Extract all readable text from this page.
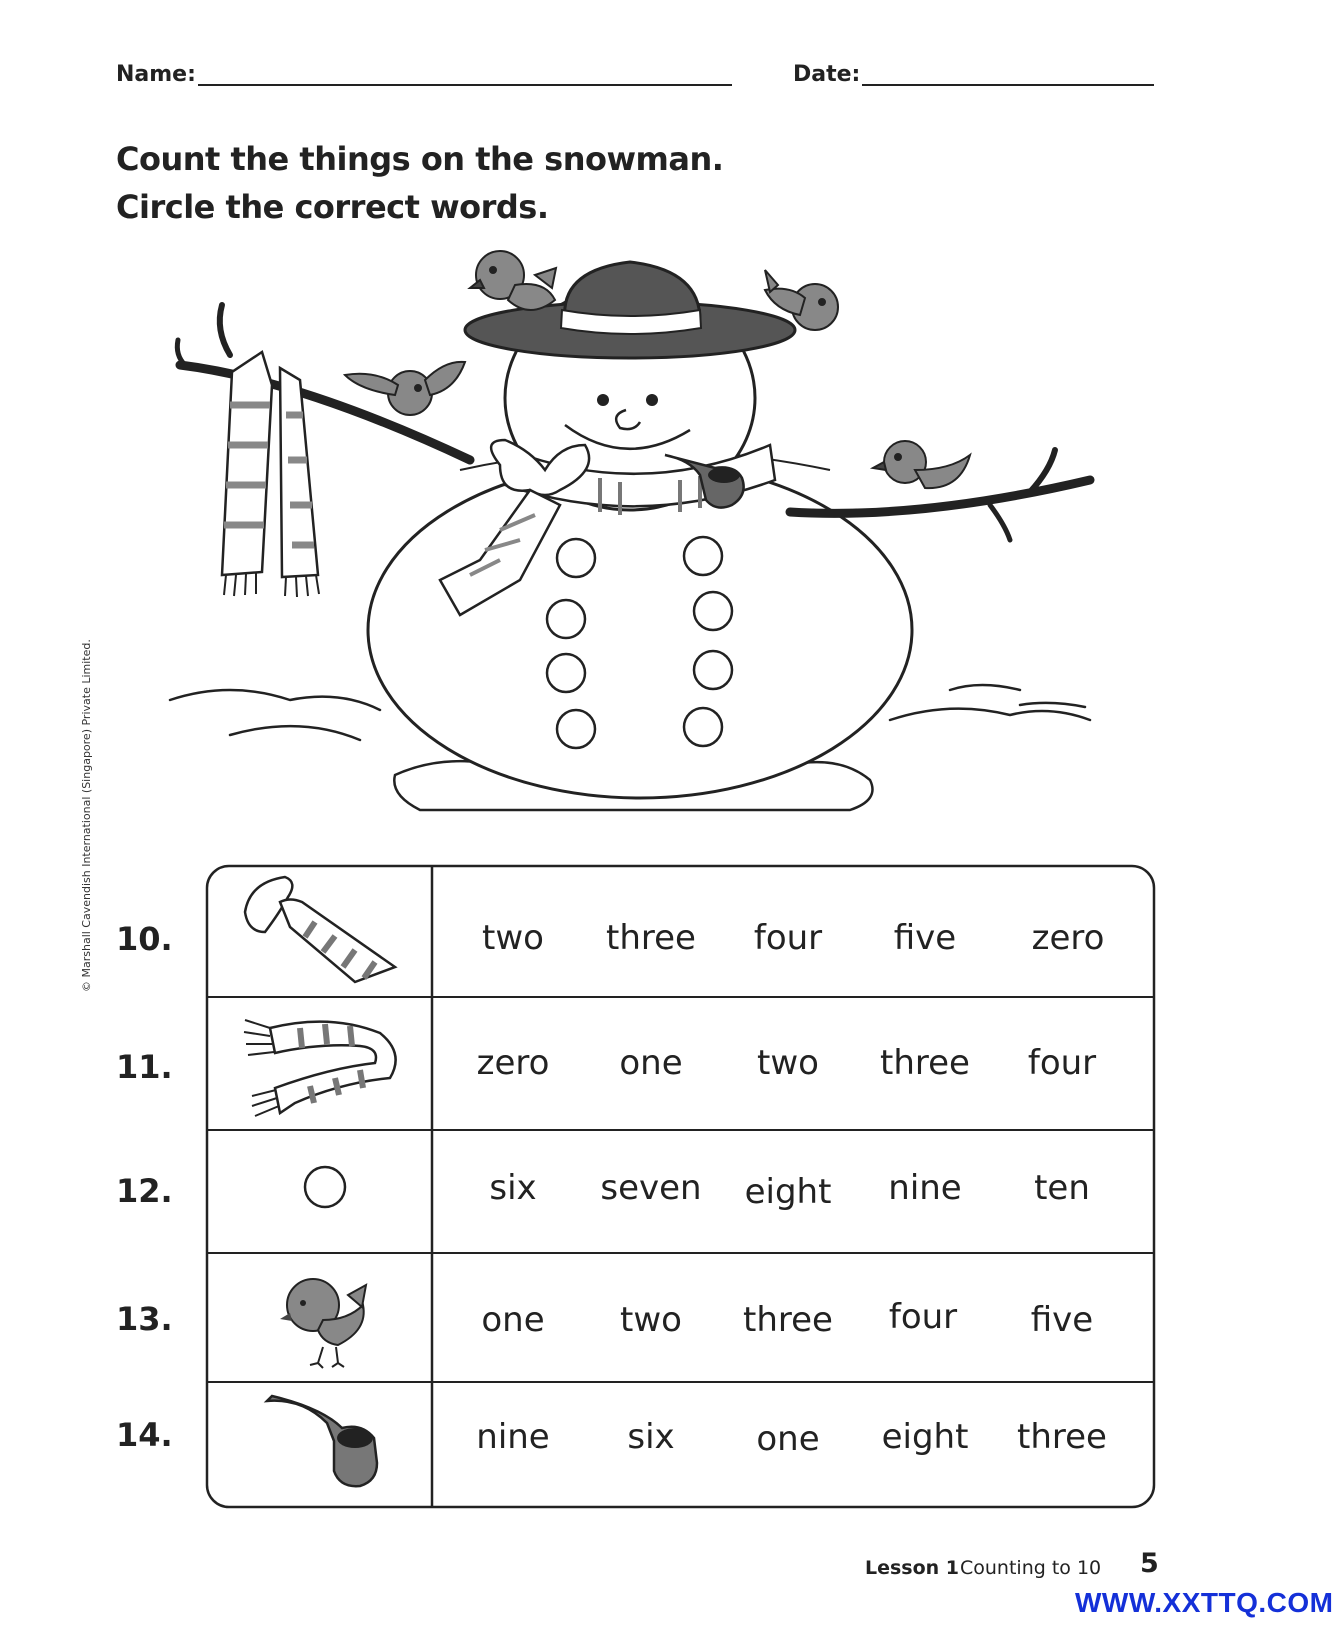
Name:	Date:
Count the things on the snowman.
Circle the correct words.
© Marshall Cavendish International (Singapore) Private Limited. 10.
11.
12.
13.
14.
two three four five zero
zero one two three four
six seven eight nine ten
one two three four five
nine six one eight three
Lesson 1 Counting to 10 5
WWW.XXTTQ.COM
